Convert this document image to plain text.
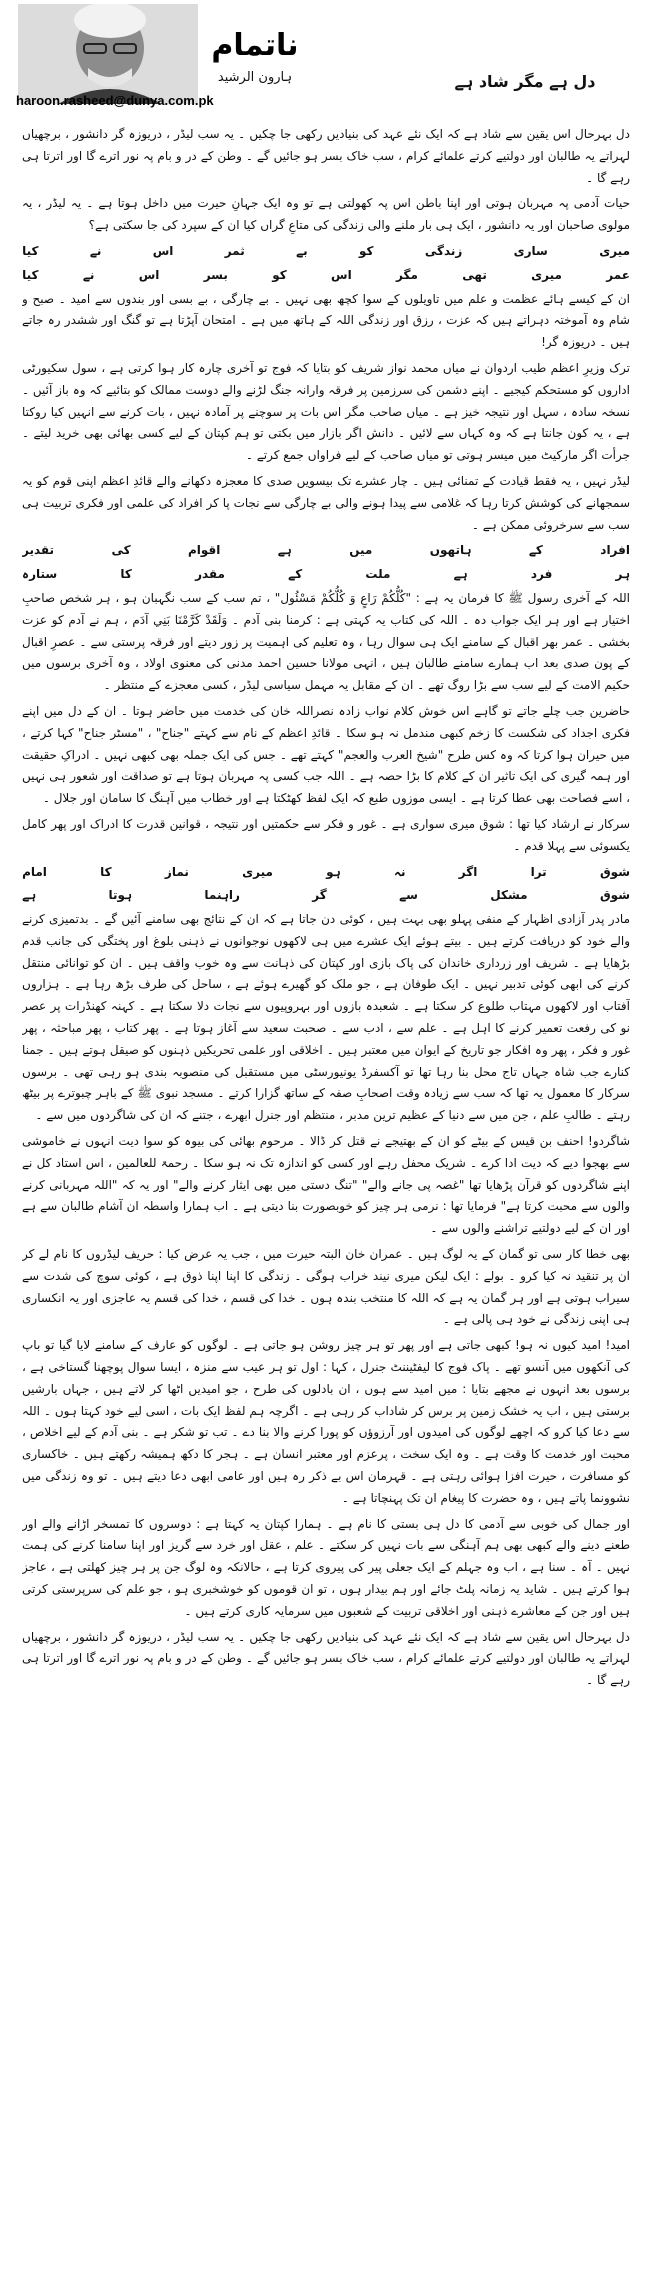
ناتمام
ہارون الرشید
haroon.rasheed@dunya.com.pk
دل ہے مگر شاد ہے

دل بہرحال اس یقین سے شاد ہے کہ ایک نئے عہد کی بنیادیں رکھی جا چکیں ۔ یہ سب لیڈر ، دریوزہ گر دانشور ، برچھیاں لہراتے یہ طالبان اور دولتیے کرتے علمائے کرام ، سب خاک بسر ہو جائیں گے ۔ وطن کے در و بام پہ نور اترے گا اور اترتا ہی رہے گا ۔

حیات آدمی پہ مہربان ہوتی اور اپنا باطن اس پہ کھولتی ہے تو وہ ایک جہانِ حیرت میں داخل ہوتا ہے ۔ یہ لیڈر ، یہ مولوی صاحبان اور یہ دانشور ، ایک ہی بار ملنے والی زندگی کی متاعِ گراں کیا ان کے سپرد کی جا سکتی ہے؟

میری
ساری
زندگی
کو
بے
ثمر
اس
نے
کیا
عمر
میری
تھی
مگر
اس
کو
بسر
اس
نے
کیا

ان کے کیسے ہائے عظمت و علم میں تاویلوں کے سوا کچھ بھی نہیں ۔ بے چارگی ، بے بسی اور بندوں سے امید ۔ صبح و شام وہ آموختہ دہراتے ہیں کہ عزت ، رزق اور زندگی اللہ کے ہاتھ میں ہے ۔ امتحان آپڑتا ہے تو گنگ اور ششدر رہ جاتے ہیں ۔ دریوزہ گر!

ترک وزیرِ اعظم طیب اردوان نے میاں محمد نواز شریف کو بتایا کہ فوج تو آخری چارہ کار ہوا کرتی ہے ، سول سکیورٹی اداروں کو مستحکم کیجیے ۔ اپنے دشمن کی سرزمین پر فرقہ وارانہ جنگ لڑنے والے دوست ممالک کو بتائیے کہ وہ باز آئیں ۔ نسخہ سادہ ، سہل اور نتیجہ خیز ہے ۔ میاں صاحب مگر اس بات پر سوچنے پر آمادہ نہیں ، بات کرنے سے انہیں کیا روکتا ہے ، یہ کون جانتا ہے کہ وہ کہاں سے لائیں ۔ دانش اگر بازار میں بکتی تو ہم کپتان کے لیے کسی بھائی بھی خرید لیتے ۔ جرأت اگر مارکیٹ میں میسر ہوتی تو میاں صاحب کے لیے فراواں جمع کرتے ۔

لیڈر نہیں ، یہ فقط قیادت کے تمنائی ہیں ۔ چار عشرے تک بیسویں صدی کا معجزہ دکھانے والے قائدِ اعظم اپنی قوم کو یہ سمجھانے کی کوشش کرتا رہا کہ غلامی سے پیدا ہونے والی بے چارگی سے نجات پا کر افراد کی علمی اور فکری تربیت ہی سب سے سرخروئی ممکن ہے ۔

افراد
کے
ہاتھوں
میں
ہے
اقوام
کی
تقدیر
ہر
فرد
ہے
ملت
کے
مقدر
کا
ستارہ

اللہ کے آخری رسول ﷺ کا فرمان یہ ہے : "کُلُّکُمْ رَاعٍ وَ کُلُّکُمْ مَسْئُول" ، تم سب کے سب نگہبان ہو ، ہر شخص صاحبِ اختیار ہے اور ہر ایک جواب دہ ۔ اللہ کی کتاب یہ کہتی ہے : کرمنا بنی آدم ۔ وَلَقَدْ کَرَّمْنَا بَنِي آدَم ، ہم نے آدم کو عزت بخشی ۔ عمر بھر اقبال کے سامنے ایک ہی سوال رہا ، وہ تعلیم کی اہمیت پر زور دیتے اور فرقہ پرستی سے ۔ عصرِ اقبال کے پون صدی بعد اب ہمارے سامنے طالبان ہیں ، انہی مولانا حسین احمد مدنی کی معنوی اولاد ، وہ آخری برسوں میں حکیم الامت کے لیے سب سے بڑا روگ تھے ۔ ان کے مقابل یہ مہمل سیاسی لیڈر ، کسی معجزے کے منتظر ۔

حاضرین جب چلے جاتے تو گاہے اس خوش کلام نواب زادہ نصراللہ خان کی خدمت میں حاضر ہوتا ۔ ان کے دل میں اپنے فکری اجداد کی شکست کا زخم کبھی مندمل نہ ہو سکا ۔ قائدِ اعظم کے نام سے کہتے "جناح" ، "مسٹر جناح" کہا کرتے ، میں حیران ہوا کرتا کہ وہ کس طرح "شیخ العرب والعجم" کہتے تھے ۔ جس کی ایک جملہ بھی کبھی نہیں ۔ ادراکِ حقیقت اور ہمہ گیری کی ایک تاثیر ان کے کلام کا بڑا حصہ ہے ۔ اللہ جب کسی پہ مہربان ہوتا ہے تو صداقت اور شعور ہی نہیں ، اسے فصاحت بھی عطا کرتا ہے ۔ ایسی موزوں طبع کہ ایک لفظ کھٹکتا ہے اور خطاب میں آہنگ کا سامان اور جلال ۔

سرکار نے ارشاد کیا تھا : شوق میری سواری ہے ۔ غور و فکر سے حکمتیں اور نتیجہ ، قوانین قدرت کا ادراک اور پھر کامل یکسوئی سے پہلا قدم ۔

شوق
ترا
اگر
نہ
ہو
میری
نماز
کا
امام
شوق
مشکل
سے
گر
راہنما
ہوتا
ہے

مادر پدر آزادی اظہار کے منفی پہلو بھی بہت ہیں ، کوئی دن جاتا ہے کہ ان کے نتائج بھی سامنے آئیں گے ۔ بدتمیزی کرنے والے خود کو دریافت کرتے ہیں ۔ بیتے ہوئے ایک عشرے میں ہی لاکھوں نوجوانوں نے ذہنی بلوغ اور پختگی کی جانب قدم بڑھایا ہے ۔ شریف اور زرداری خاندان کی پاک بازی اور کپتان کی ذہانت سے وہ خوب واقف ہیں ۔ ان کو توانائی منتقل کرنے کی ابھی کوئی تدبیر نہیں ۔ ایک طوفان ہے ، جو ملک کو گھیرے ہوئے ہے ، ساحل کی طرف بڑھ رہا ہے ۔ ہزاروں آفتاب اور لاکھوں مہتاب طلوع کر سکتا ہے ۔ شعبدہ بازوں اور بہروپیوں سے نجات دلا سکتا ہے ۔ کہنہ کھنڈرات پر عصر نو کی رفعت تعمیر کرنے کا اہل ہے ۔ علم سے ، ادب سے ۔ صحبت سعید سے آغاز ہوتا ہے ۔ پھر کتاب ، پھر مباحثہ ، پھر غور و فکر ، پھر وہ افکار جو تاریخ کے ایوان میں معتبر ہیں ۔ اخلاقی اور علمی تحریکیں ذہنوں کو صیقل ہوتے ہیں ۔ جمنا کنارے جب شاہ جہاں تاج محل بنا رہا تھا تو آکسفرڈ یونیورسٹی میں مستقبل کی منصوبہ بندی ہو رہی تھی ۔ برسوں سرکار کا معمول یہ تھا کہ سب سے زیادہ وقت اصحابِ صفہ کے ساتھ گزارا کرتے ۔ مسجد نبوی ﷺ کے باہر چبوترے پر بیٹھ رہتے ۔ طالبِ علم ، جن میں سے دنیا کے عظیم ترین مدبر ، منتظم اور جنرل ابھرے ، جتنے کہ ان کی شاگردوں میں سے ۔

شاگردو! احنف بن قیس کے بیٹے کو ان کے بھتیجے نے قتل کر ڈالا ۔ مرحوم بھائی کی بیوہ کو سوا دیت انہوں نے خاموشی سے بھجوا دیے کہ دیت ادا کرے ۔ شریک محفل رہے اور کسی کو اندازہ تک نہ ہو سکا ۔ رحمۃ للعالمین ، اس استاد کل نے اپنے شاگردوں کو قرآن پڑھایا تھا "غصہ پی جانے والے" "تنگ دستی میں بھی ایثار کرنے والے" اور یہ کہ "اللہ مہربانی کرنے والوں سے محبت کرتا ہے" فرمایا تھا : نرمی ہر چیز کو خوبصورت بنا دیتی ہے ۔ اب ہمارا واسطہ ان آشام طالبان سے ہے اور ان کے لیے دولتیے تراشنے والوں سے ۔

بھی خطا کار سی تو گمان کے یہ لوگ ہیں ۔ عمران خان البتہ حیرت میں ، جب یہ عرض کیا : حریف لیڈروں کا نام لے کر ان پر تنقید نہ کیا کرو ۔ بولے : ایک لیکن میری نیند خراب ہوگی ۔ زندگی کا اپنا اپنا ذوق ہے ، کوئی سوچ کی شدت سے سیراب ہوتی ہے اور ہر گمان یہ ہے کہ اللہ کا منتخب بندہ ہوں ۔ خدا کی قسم ، خدا کی قسم یہ عاجزی اور یہ انکساری ہی اپنی زندگی نے خود ہی پالی ہے ۔

امید! امید کیوں نہ ہو! کبھی جاتی ہے اور پھر تو ہر چیز روشن ہو جاتی ہے ۔ لوگوں کو عارف کے سامنے لایا گیا تو باپ کی آنکھوں میں آنسو تھے ۔ پاک فوج کا لیفٹیننٹ جنرل ، کہا : اول تو ہر عیب سے منزہ ، ایسا سوال پوچھنا گستاخی ہے ، برسوں بعد انہوں نے مجھے بتایا : میں امید سے ہوں ، ان بادلوں کی طرح ، جو امیدیں اٹھا کر لاتے ہیں ، جہاں بارشیں برستی ہیں ، اب یہ خشک زمین پر برس کر شاداب کر رہی ہے ۔ اگرچہ ہم لفظ ایک بات ، اسی لیے خود کہتا ہوں ۔ اللہ سے دعا کیا کرو کہ اچھے لوگوں کی امیدوں اور آرزوؤں کو پورا کرنے والا بنا دے ۔ تب تو شکر ہے ۔ بنی آدم کے لیے اخلاص ، محبت اور خدمت کا وقت ہے ۔ وہ ایک سخت ، پرعزم اور معتبر انسان ہے ۔ ہجر کا دکھ ہمیشہ رکھتے ہیں ۔ خاکساری کو مسافرت ، حیرت افزا ہوائی رہتی ہے ۔ قہرمان اس بے ذکر رہ ہیں اور عامی ابھی دعا دیتے ہیں ۔ تو وہ زندگی میں نشوونما پاتے ہیں ، وہ حضرت کا پیغام ان تک پہنچاتا ہے ۔

اور جمال کی خوبی سے آدمی کا دل ہی بستی کا نام ہے ۔ ہمارا کپتان یہ کہتا ہے : دوسروں کا تمسخر اڑانے والے اور طعنے دینے والے کبھی بھی ہم آہنگی سے بات نہیں کر سکتے ۔ علم ، عقل اور خرد سے گریز اور اپنا سامنا کرنے کی ہمت نہیں ۔ آہ ۔ سنا ہے ، اب وہ جہلم کے ایک جعلی پیر کی پیروی کرتا ہے ، حالانکہ وہ لوگ جن پر ہر چیز کھلتی ہے ، عاجز ہوا کرتے ہیں ۔ شاید یہ زمانہ پلٹ جائے اور ہم بیدار ہوں ، تو ان قوموں کو خوشخبری ہو ، جو علم کی سرپرستی کرتی ہیں اور جن کے معاشرے ذہنی اور اخلاقی تربیت کے شعبوں میں سرمایہ کاری کرتے ہیں ۔

دل بہرحال اس یقین سے شاد ہے کہ ایک نئے عہد کی بنیادیں رکھی جا چکیں ۔ یہ سب لیڈر ، دریوزہ گر دانشور ، برچھیاں لہراتے یہ طالبان اور دولتیے کرتے علمائے کرام ، سب خاک بسر ہو جائیں گے ۔ وطن کے در و بام پہ نور اترے گا اور اترتا ہی رہے گا ۔
